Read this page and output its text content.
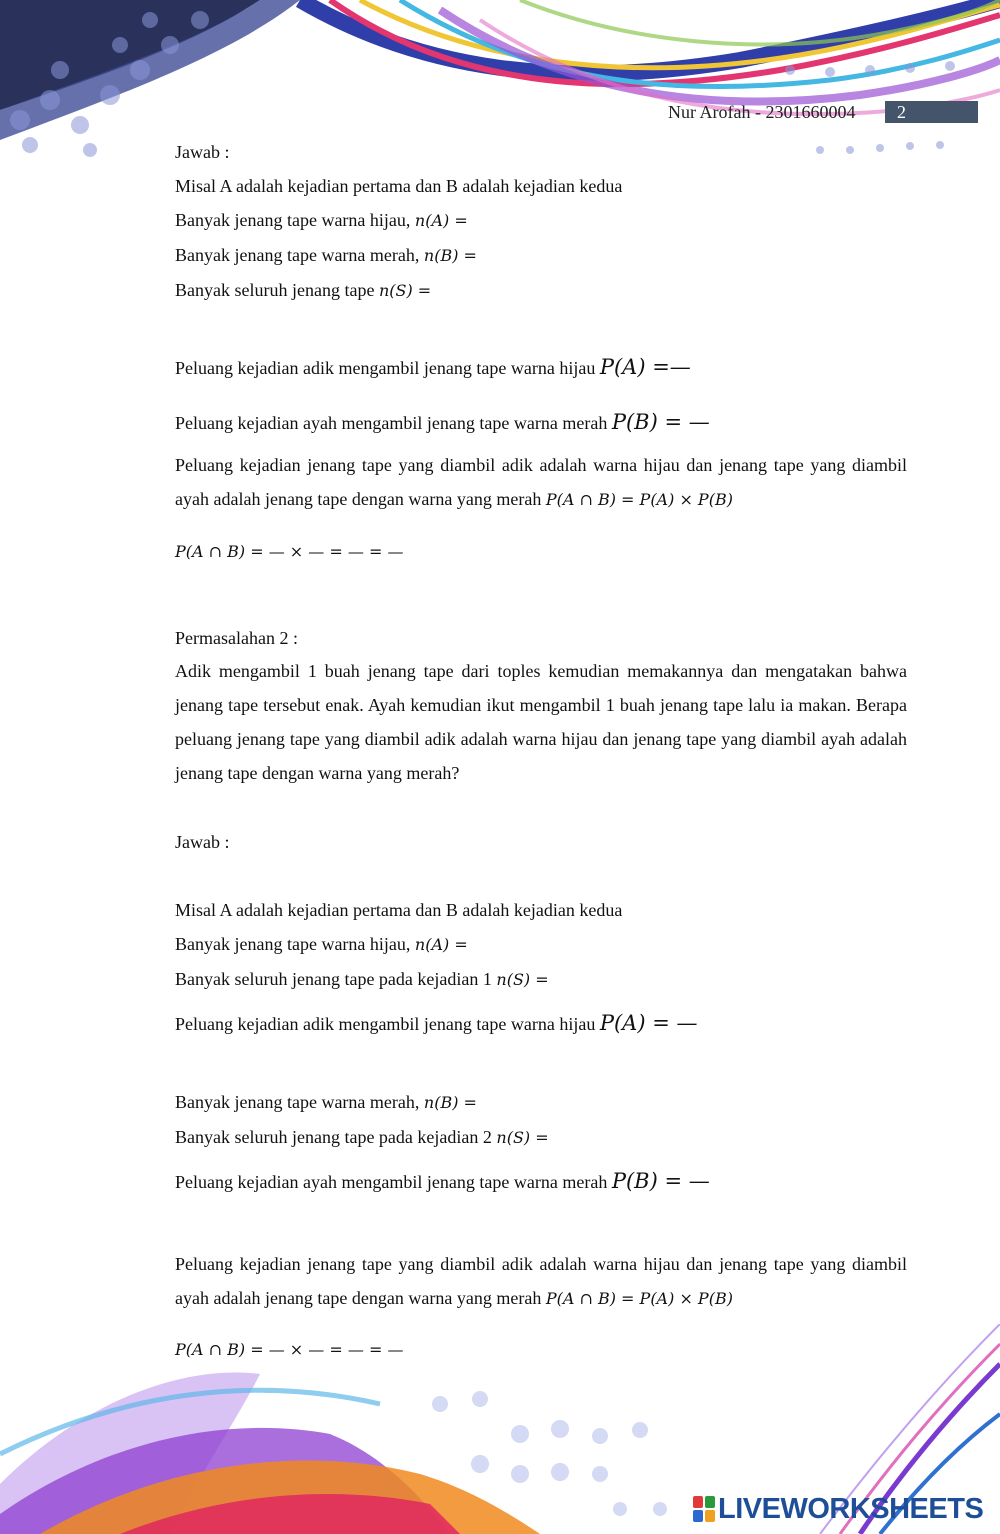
Nur Arofah - 2301660004 2
Jawab :
Misal A adalah kejadian pertama dan B adalah kejadian kedua
Banyak jenang tape warna hijau, n(A) =
Banyak jenang tape warna merah, n(B) =
Banyak seluruh jenang tape n(S) =
Peluang kejadian adik mengambil jenang tape warna hijau P(A) =—
Peluang kejadian ayah mengambil jenang tape warna merah P(B) = —
Peluang kejadian jenang tape yang diambil adik adalah warna hijau dan jenang tape yang diambil ayah adalah jenang tape dengan warna yang merah P(A ∩ B) = P(A) × P(B)
P(A ∩ B) = — × — = — = —
Permasalahan 2 :
Adik mengambil 1 buah jenang tape dari toples kemudian memakannya dan mengatakan bahwa jenang tape tersebut enak. Ayah kemudian ikut mengambil 1 buah jenang tape lalu ia makan. Berapa peluang jenang tape yang diambil adik adalah warna hijau dan jenang tape yang diambil ayah adalah jenang tape dengan warna yang merah?
Jawab :
Misal A adalah kejadian pertama dan B adalah kejadian kedua
Banyak jenang tape warna hijau, n(A) =
Banyak seluruh jenang tape pada kejadian 1 n(S) =
Peluang kejadian adik mengambil jenang tape warna hijau P(A) = —
Banyak jenang tape warna merah, n(B) =
Banyak seluruh jenang tape pada kejadian 2 n(S) =
Peluang kejadian ayah mengambil jenang tape warna merah P(B) = —
Peluang kejadian jenang tape yang diambil adik adalah warna hijau dan jenang tape yang diambil ayah adalah jenang tape dengan warna yang merah P(A ∩ B) = P(A) × P(B)
P(A ∩ B) = — × — = — = —
LIVEWORKSHEETS
